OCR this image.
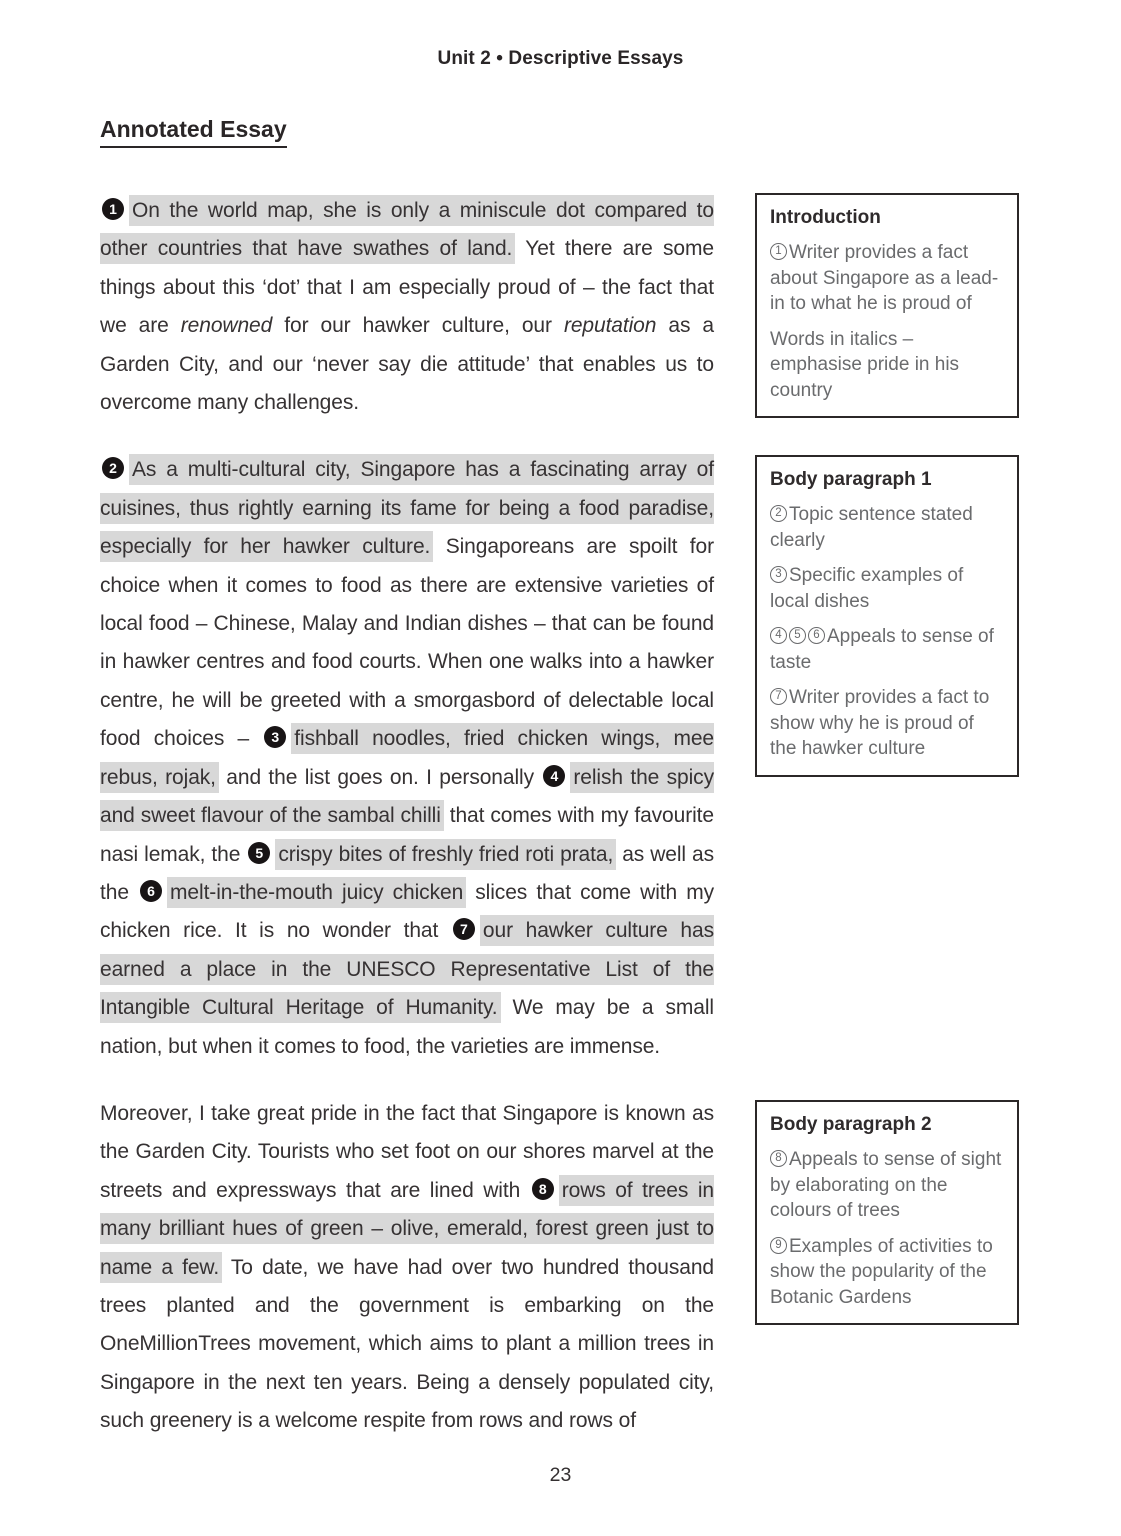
Unit 2 • Descriptive Essays
Annotated Essay

1 On the world map, she is only a miniscule dot compared to other countries that have swathes of land. Yet there are some things about this ‘dot’ that I am especially proud of – the fact that we are renowned for our hawker culture, our reputation as a Garden City, and our ‘never say die attitude’ that enables us to overcome many challenges.

2 As a multi-cultural city, Singapore has a fascinating array of cuisines, thus rightly earning its fame for being a food paradise, especially for her hawker culture. Singaporeans are spoilt for choice when it comes to food as there are extensive varieties of local food – Chinese, Malay and Indian dishes – that can be found in hawker centres and food courts. When one walks into a hawker centre, he will be greeted with a smorgasbord of delectable local food choices – 3 fishball noodles, fried chicken wings, mee rebus, rojak, and the list goes on. I personally 4 relish the spicy and sweet flavour of the sambal chilli that comes with my favourite nasi lemak, the 5 crispy bites of freshly fried roti prata, as well as the 6 melt-in-the-mouth juicy chicken slices that come with my chicken rice. It is no wonder that 7 our hawker culture has earned a place in the UNESCO Representative List of the Intangible Cultural Heritage of Humanity. We may be a small nation, but when it comes to food, the varieties are immense.

Moreover, I take great pride in the fact that Singapore is known as the Garden City. Tourists who set foot on our shores marvel at the streets and expressways that are lined with 8 rows of trees in many brilliant hues of green – olive, emerald, forest green just to name a few. To date, we have had over two hundred thousand trees planted and the government is embarking on the OneMillionTrees movement, which aims to plant a million trees in Singapore in the next ten years. Being a densely populated city, such greenery is a welcome respite from rows and rows of

Introduction

1 Writer provides a fact about Singapore as a lead-in to what he is proud of

Words in italics –emphasise pride in his country

Body paragraph 1

2 Topic sentence stated clearly

3 Specific examples of local dishes

4 5 6 Appeals to sense of taste

7 Writer provides a fact to show why he is proud of the hawker culture

Body paragraph 2

8 Appeals to sense of sight by elaborating on the colours of trees

9 Examples of activities to show the popularity of the Botanic Gardens

23
